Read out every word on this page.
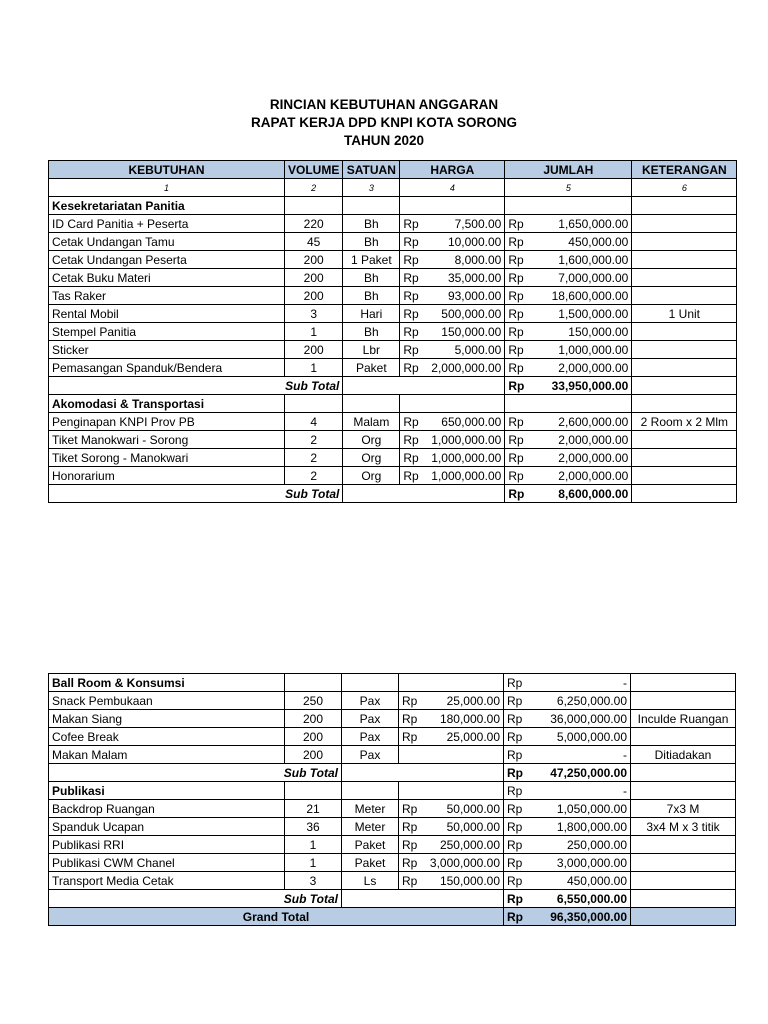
RINCIAN KEBUTUHAN ANGGARAN
RAPAT KERJA DPD KNPI KOTA SORONG
TAHUN 2020
KEBUTUHAN	VOLUME	SATUAN	HARGA	JUMLAH	KETERANGAN
1	2	3	4	5	6
Kesekretariatan Panitia					
ID Card Panitia + Peserta	220	Bh	Rp 7,500.00	Rp 1,650,000.00	

Cetak Undangan Tamu	45	Bh	Rp 10,000.00	Rp 450,000.00	

Cetak Undangan Peserta	200	1 Paket	Rp 8,000.00	Rp 1,600,000.00	

Cetak Buku Materi	200	Bh	Rp 35,000.00	Rp 7,000,000.00	

Tas Raker	200	Bh	Rp 93,000.00	Rp 18,600,000.00	

Rental Mobil	3	Hari	Rp 500,000.00	Rp 1,500,000.00	1 Unit
Stempel Panitia	1	Bh	Rp 150,000.00	Rp 150,000.00	

Sticker	200	Lbr	Rp 5,000.00	Rp 1,000,000.00	

Pemasangan Spanduk/Bendera	1	Paket	Rp 2,000,000.00	Rp 2,000,000.00	

Sub Total				Rp 33,950,000.00	

Akomodasi & Transportasi					
Penginapan KNPI Prov PB	4	Malam	Rp 650,000.00	Rp 2,600,000.00	2 Room x 2 Mlm
Tiket Manokwari - Sorong	2	Org	Rp 1,000,000.00	Rp 2,000,000.00	

Tiket Sorong - Manokwari	2	Org	Rp 1,000,000.00	Rp 2,000,000.00	

Honorarium	2	Org	Rp 1,000,000.00	Rp 2,000,000.00	

Sub Total				Rp 8,600,000.00	

Ball Room & Konsumsi				Rp -	

Snack Pembukaan	250	Pax	Rp 25,000.00	Rp 6,250,000.00	

Makan Siang	200	Pax	Rp 180,000.00	Rp 36,000,000.00	Inculde Ruangan
Cofee Break	200	Pax	Rp 25,000.00	Rp 5,000,000.00	

Makan Malam	200	Pax		Rp -	Ditiadakan
Sub Total				Rp 47,250,000.00	

Publikasi				Rp -	

Backdrop Ruangan	21	Meter	Rp 50,000.00	Rp 1,050,000.00	7x3 M
Spanduk Ucapan	36	Meter	Rp 50,000.00	Rp 1,800,000.00	3x4 M x 3 titik
Publikasi RRI	1	Paket	Rp 250,000.00	Rp 250,000.00	

Publikasi CWM Chanel	1	Paket	Rp 3,000,000.00	Rp 3,000,000.00	

Transport Media Cetak	3	Ls	Rp 150,000.00	Rp 450,000.00	

Sub Total				Rp 6,550,000.00	

Grand Total				Rp 96,350,000.00	
